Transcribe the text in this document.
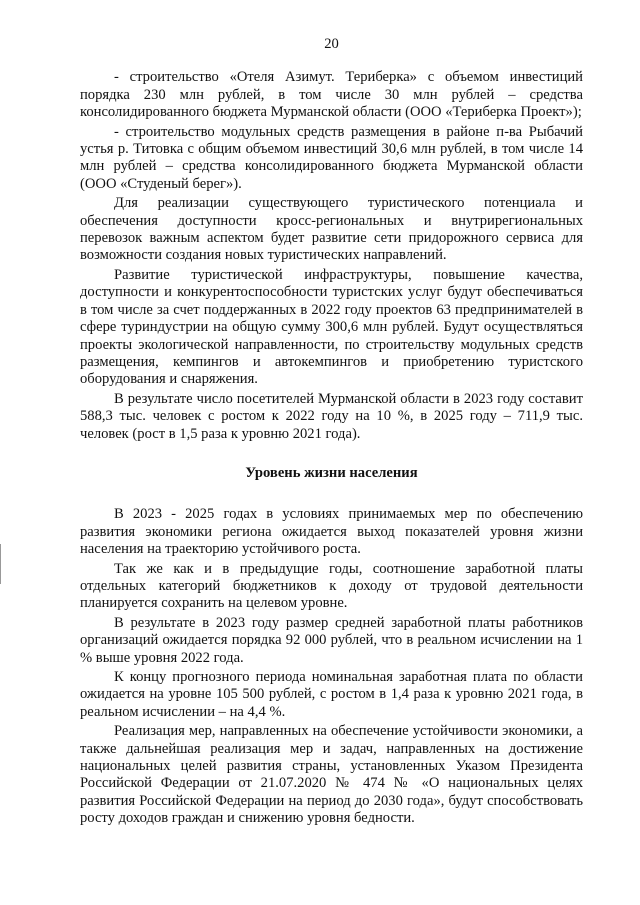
20

- строительство «Отеля Азимут. Териберка» с объемом инвестиций порядка 230 млн рублей, в том числе 30 млн рублей – средства консолидированного бюджета Мурманской области (ООО «Териберка Проект»);

- строительство модульных средств размещения в районе п-ва Рыбачий устья р. Титовка с общим объемом инвестиций 30,6 млн рублей, в том числе 14 млн рублей – средства консолидированного бюджета Мурманской области (ООО «Студеный берег»).

Для реализации существующего туристического потенциала и обеспечения доступности кросс-региональных и внутрирегиональных перевозок важным аспектом будет развитие сети придорожного сервиса для возможности создания новых туристических направлений.

Развитие туристической инфраструктуры, повышение качества, доступности и конкурентоспособности туристских услуг будут обеспечиваться в том числе за счет поддержанных в 2022 году проектов 63 предпринимателей в сфере туриндустрии на общую сумму 300,6 млн рублей. Будут осуществляться проекты экологической направленности, по строительству модульных средств размещения, кемпингов и автокемпингов и приобретению туристского оборудования и снаряжения.

В результате число посетителей Мурманской области в 2023 году составит 588,3 тыс. человек с ростом к 2022 году на 10 %, в 2025 году – 711,9 тыс. человек (рост в 1,5 раза к уровню 2021 года).

Уровень жизни населения

В 2023 - 2025 годах в условиях принимаемых мер по обеспечению развития экономики региона ожидается выход показателей уровня жизни населения на траекторию устойчивого роста.

Так же как и в предыдущие годы, соотношение заработной платы отдельных категорий бюджетников к доходу от трудовой деятельности планируется сохранить на целевом уровне.

В результате в 2023 году размер средней заработной платы работников организаций ожидается порядка 92 000 рублей, что в реальном исчислении на 1 % выше уровня 2022 года.

К концу прогнозного периода номинальная заработная плата по области ожидается на уровне 105 500 рублей, с ростом в 1,4 раза к уровню 2021 года, в реальном исчислении – на 4,4 %.

Реализация мер, направленных на обеспечение устойчивости экономики, а также дальнейшая реализация мер и задач, направленных на достижение национальных целей развития страны, установленных Указом Президента Российской Федерации от 21.07.2020 № 474 № «О национальных целях развития Российской Федерации на период до 2030 года», будут способствовать росту доходов граждан и снижению уровня бедности.
